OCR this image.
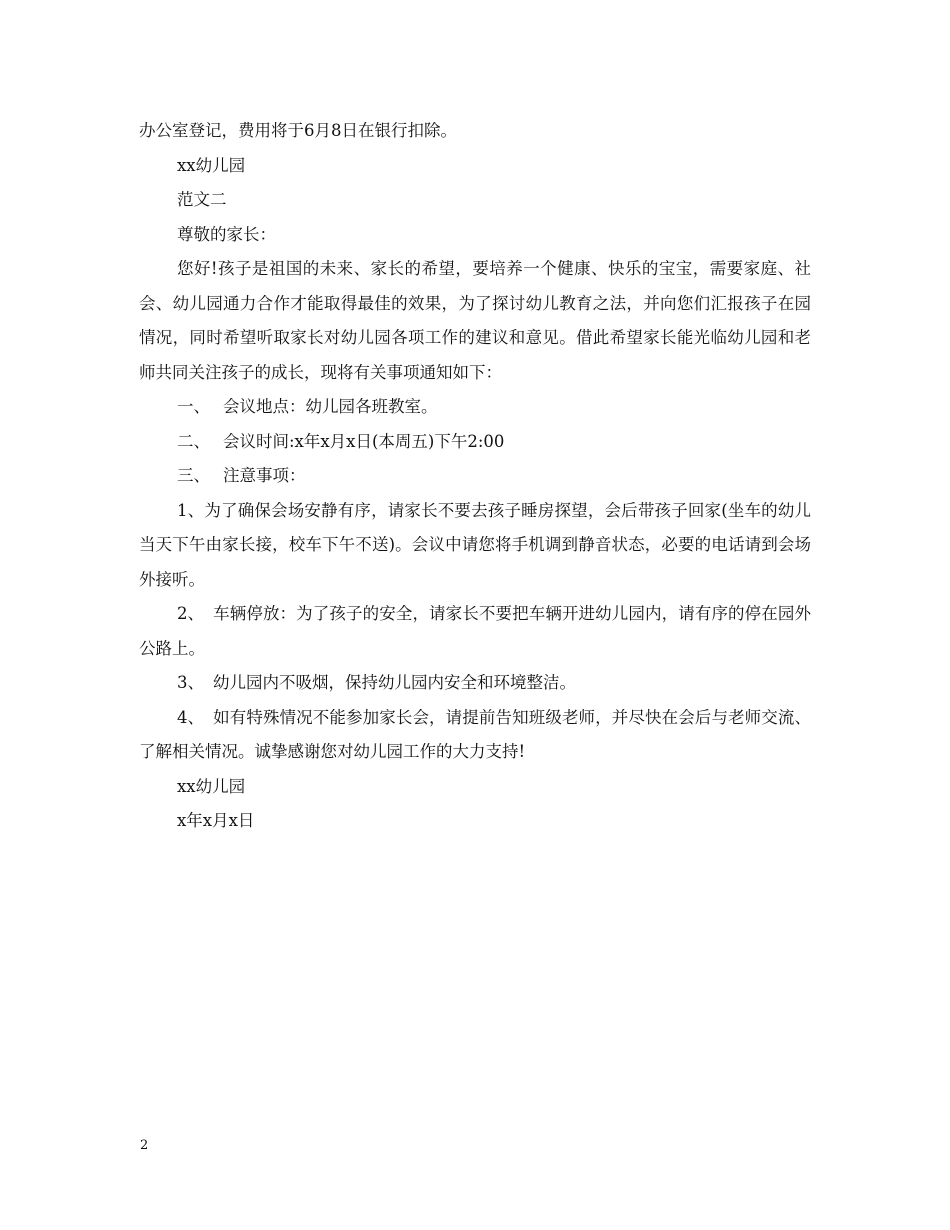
办公室登记，费用将于6月8日在银行扣除。

xx幼儿园

范文二

尊敬的家长：

您好!孩子是祖国的未来、家长的希望，要培养一个健康、快乐的宝宝，需要家庭、社会、幼儿园通力合作才能取得最佳的效果，为了探讨幼儿教育之法，并向您们汇报孩子在园情况，同时希望听取家长对幼儿园各项工作的建议和意见。借此希望家长能光临幼儿园和老师共同关注孩子的成长，现将有关事项通知如下：

一、 会议地点：幼儿园各班教室。

二、 会议时间:x年x月x日(本周五)下午2:00

三、 注意事项：

1、为了确保会场安静有序，请家长不要去孩子睡房探望，会后带孩子回家(坐车的幼儿当天下午由家长接，校车下午不送)。会议中请您将手机调到静音状态，必要的电话请到会场外接听。

2、 车辆停放：为了孩子的安全，请家长不要把车辆开进幼儿园内，请有序的停在园外公路上。

3、 幼儿园内不吸烟，保持幼儿园内安全和环境整洁。

4、 如有特殊情况不能参加家长会，请提前告知班级老师，并尽快在会后与老师交流、了解相关情况。诚挚感谢您对幼儿园工作的大力支持!

xx幼儿园

x年x月x日

2
